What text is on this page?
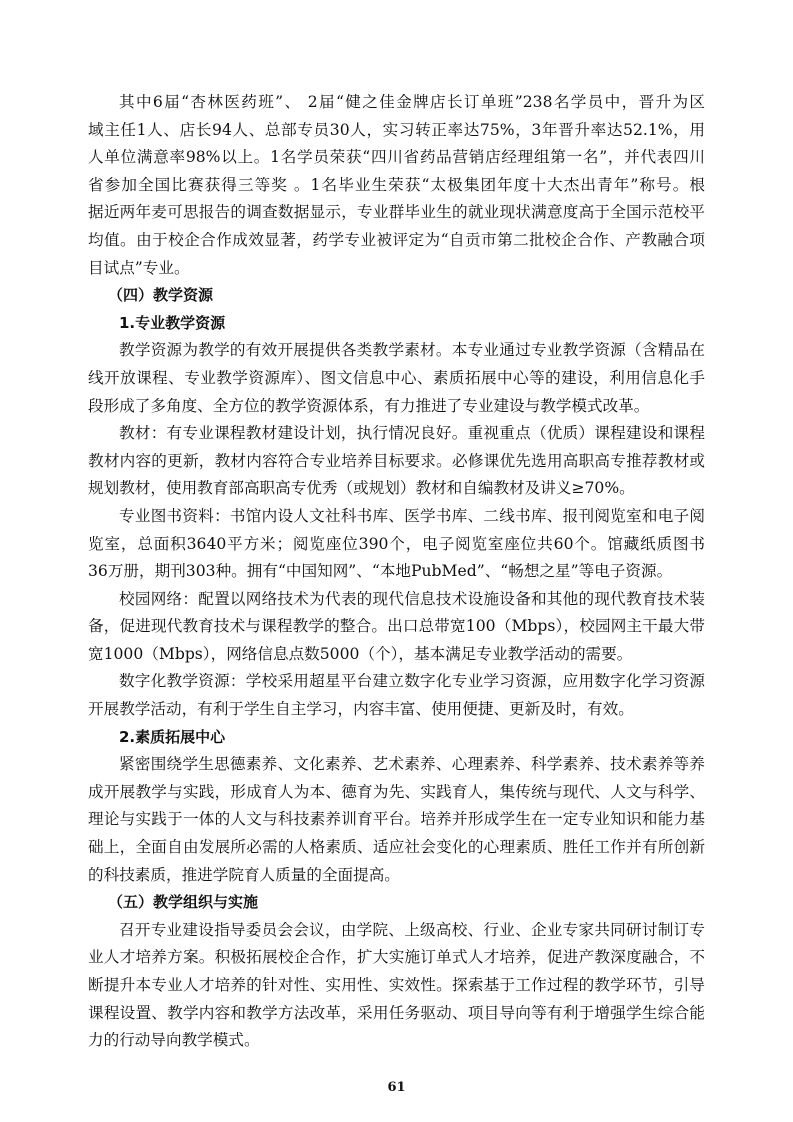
其中6届“杏林医药班”、 2届“健之佳金牌店长订单班”238名学员中，晋升为区
域主任1人、店长94人、总部专员30人，实习转正率达75%，3年晋升率达52.1%，用
人单位满意率98%以上。1名学员荣获“四川省药品营销店经理组第一名”，并代表四川
省参加全国比赛获得三等奖 。1名毕业生荣获“太极集团年度十大杰出青年”称号。根
据近两年麦可思报告的调查数据显示，专业群毕业生的就业现状满意度高于全国示范校平
均值。由于校企合作成效显著，药学专业被评定为“自贡市第二批校企合作、产教融合项
目试点”专业。
（四）教学资源
1.专业教学资源
教学资源为教学的有效开展提供各类教学素材。本专业通过专业教学资源（含精品在
线开放课程、专业教学资源库）、图文信息中心、素质拓展中心等的建设，利用信息化手
段形成了多角度、全方位的教学资源体系，有力推进了专业建设与教学模式改革。
教材：有专业课程教材建设计划，执行情况良好。重视重点（优质）课程建设和课程
教材内容的更新，教材内容符合专业培养目标要求。必修课优先选用高职高专推荐教材或
规划教材，使用教育部高职高专优秀（或规划）教材和自编教材及讲义≥70%。
专业图书资料：书馆内设人文社科书库、医学书库、二线书库、报刊阅览室和电子阅
览室，总面积3640平方米；阅览座位390个，电子阅览室座位共60个。馆藏纸质图书
36万册，期刊303种。拥有“中国知网”、“本地PubMed”、“畅想之星”等电子资源。
校园网络：配置以网络技术为代表的现代信息技术设施设备和其他的现代教育技术装
备，促进现代教育技术与课程教学的整合。出口总带宽100（Mbps），校园网主干最大带
宽1000（Mbps），网络信息点数5000（个），基本满足专业教学活动的需要。
数字化教学资源：学校采用超星平台建立数字化专业学习资源，应用数字化学习资源
开展教学活动，有利于学生自主学习，内容丰富、使用便捷、更新及时，有效。
2.素质拓展中心
紧密围绕学生思德素养、文化素养、艺术素养、心理素养、科学素养、技术素养等养
成开展教学与实践，形成育人为本、德育为先、实践育人，集传统与现代、人文与科学、
理论与实践于一体的人文与科技素养训育平台。培养并形成学生在一定专业知识和能力基
础上，全面自由发展所必需的人格素质、适应社会变化的心理素质、胜任工作并有所创新
的科技素质，推进学院育人质量的全面提高。
（五）教学组织与实施
召开专业建设指导委员会会议，由学院、上级高校、行业、企业专家共同研讨制订专
业人才培养方案。积极拓展校企合作，扩大实施订单式人才培养，促进产教深度融合，不
断提升本专业人才培养的针对性、实用性、实效性。探索基于工作过程的教学环节，引导
课程设置、教学内容和教学方法改革，采用任务驱动、项目导向等有利于增强学生综合能
力的行动导向教学模式。
61
